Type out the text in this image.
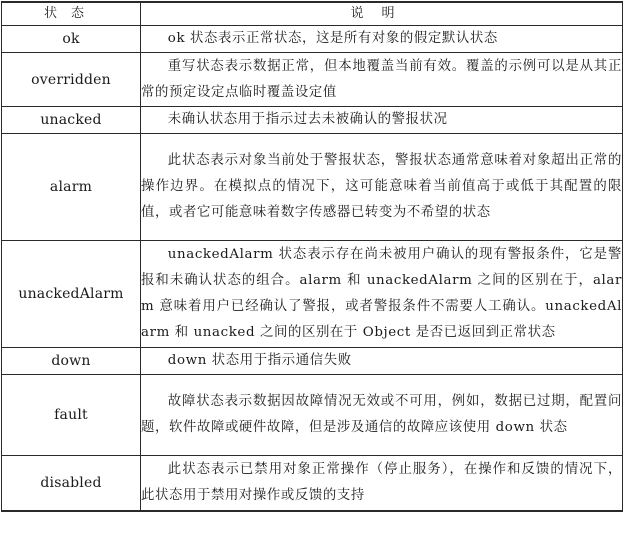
状态	说明
ok	ok 状态表示正常状态，这是所有对象的假定默认状态

overridden	重写状态表示数据正常，但本地覆盖当前有效。覆盖的示例可以是从其正常的预定设定点临时覆盖设定值

unacked	未确认状态用于指示过去未被确认的警报状况

alarm	此状态表示对象当前处于警报状态，警报状态通常意味着对象超出正常的操作边界。在模拟点的情况下，这可能意味着当前值高于或低于其配置的限值，或者它可能意味着数字传感器已转变为不希望的状态

unackedAlarm	unackedAlarm 状态表示存在尚未被用户确认的现有警报条件，它是警报和未确认状态的组合。alarm 和 unackedAlarm 之间的区别在于，alarm 意味着用户已经确认了警报，或者警报条件不需要人工确认。unackedAlarm 和 unacked 之间的区别在于 Object 是否已返回到正常状态

down	down 状态用于指示通信失败

fault	故障状态表示数据因故障情况无效或不可用，例如，数据已过期，配置问题，软件故障或硬件故障，但是涉及通信的故障应该使用 down 状态

disabled	此状态表示已禁用对象正常操作（停止服务），在操作和反馈的情况下，此状态用于禁用对操作或反馈的支持
